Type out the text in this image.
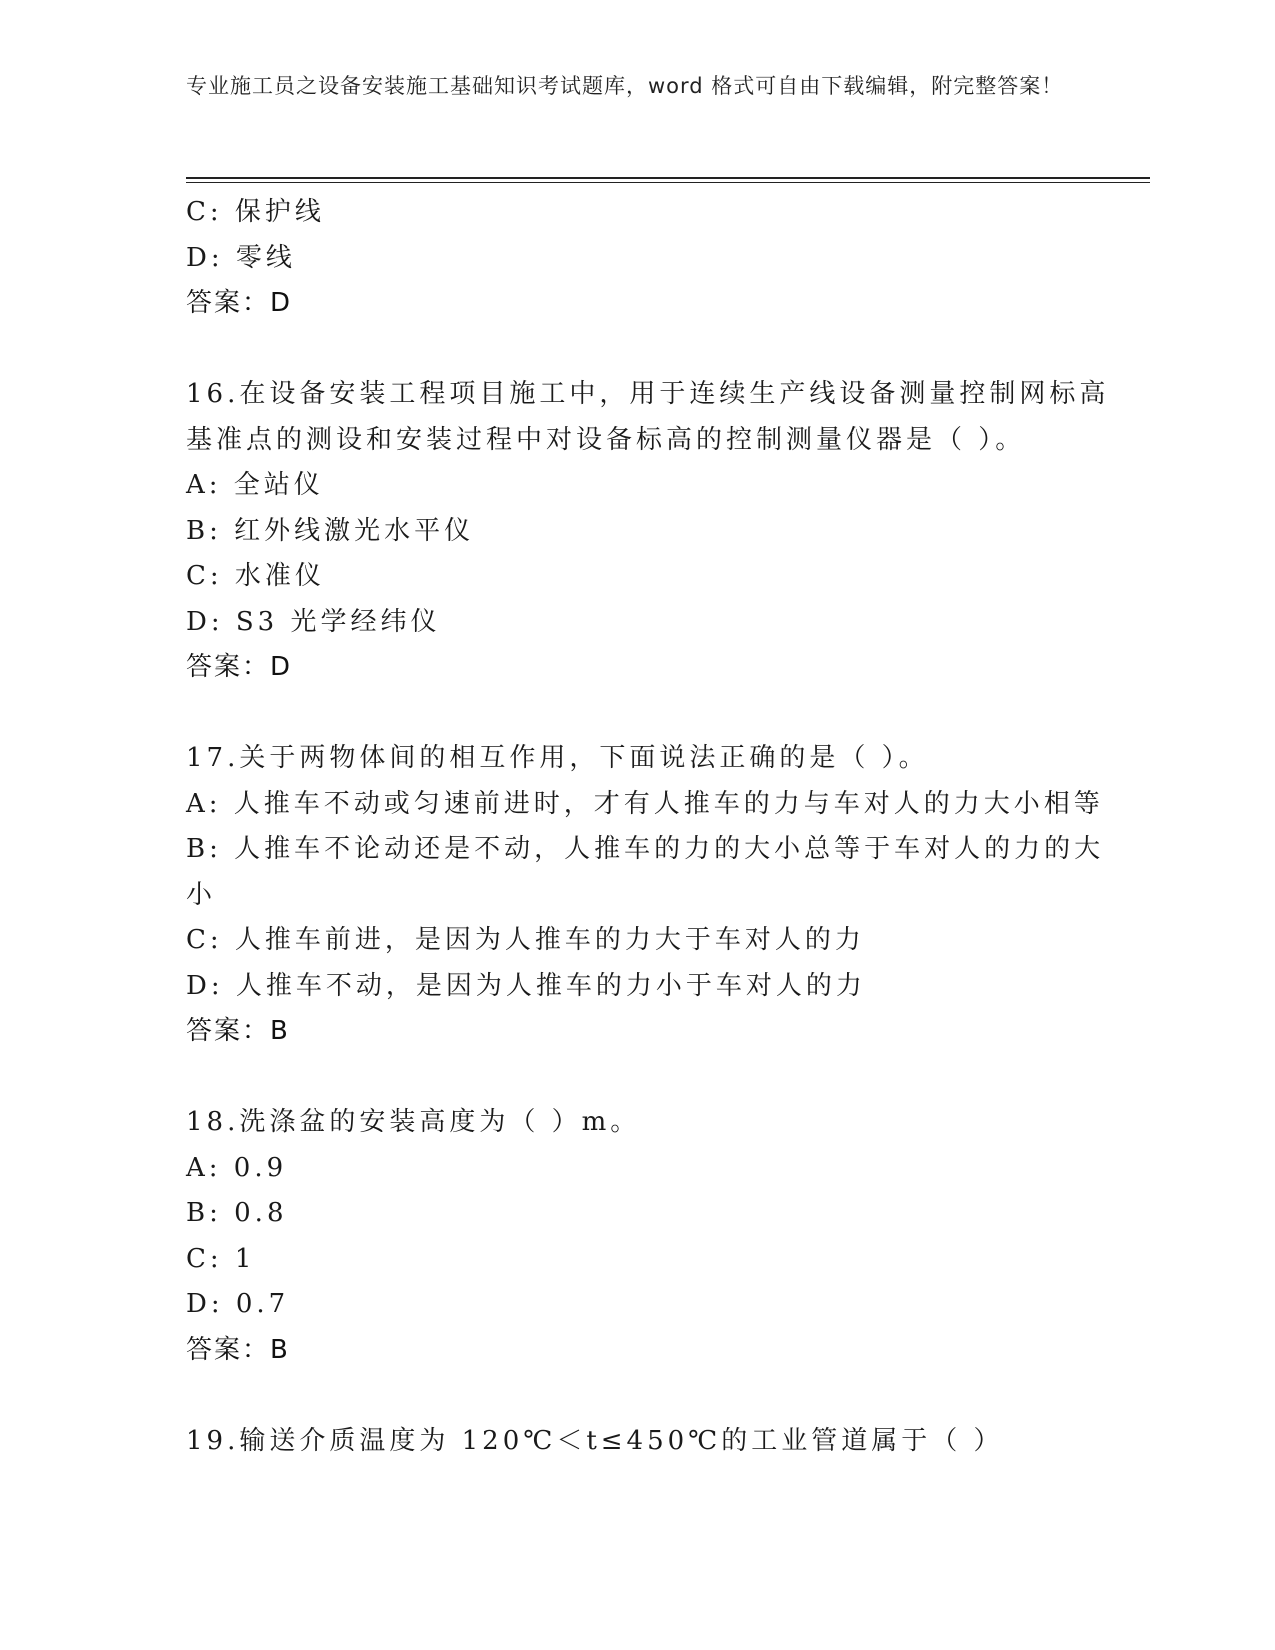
专业施工员之设备安装施工基础知识考试题库，word 格式可自由下载编辑，附完整答案！
C: 保护线
D: 零线
答案：D
16.在设备安装工程项目施工中，用于连续生产线设备测量控制网标高
基准点的测设和安装过程中对设备标高的控制测量仪器是（ ）。
A: 全站仪
B: 红外线激光水平仪
C: 水准仪
D: S3 光学经纬仪
答案：D
17.关于两物体间的相互作用，下面说法正确的是（ ）。
A: 人推车不动或匀速前进时，才有人推车的力与车对人的力大小相等
B: 人推车不论动还是不动，人推车的力的大小总等于车对人的力的大
小
C: 人推车前进，是因为人推车的力大于车对人的力
D: 人推车不动，是因为人推车的力小于车对人的力
答案：B
18.洗涤盆的安装高度为（ ）m。
A: 0.9
B: 0.8
C: 1
D: 0.7
答案：B
19.输送介质温度为 120℃＜t≤450℃的工业管道属于（ ）
